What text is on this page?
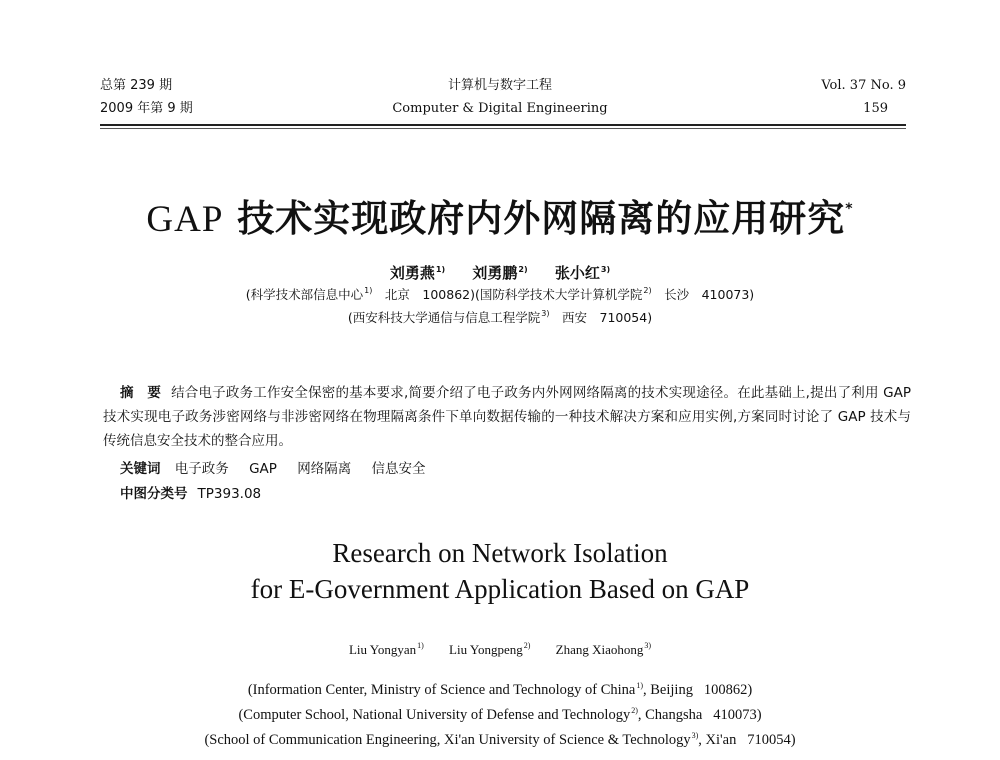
总第 239 期
2009 年第 9 期
计算机与数字工程
Computer & Digital Engineering
Vol. 37 No. 9
159
GAP 技术实现政府内外网隔离的应用研究*
刘勇燕$^{1)}$ 刘勇鹏$^{2)}$ 张小红$^{3)}$
(科学技术部信息中心$^{1)}$　北京　100862)(国防科学技术大学计算机学院$^{2)}$　长沙　410073)
(西安科技大学通信与信息工程学院$^{3)}$　西安　710054)
摘　要 结合电子政务工作安全保密的基本要求,简要介绍了电子政务内外网网络隔离的技术实现途径。在此基础上,提出了利用 GAP 技术实现电子政务涉密网络与非涉密网络在物理隔离条件下单向数据传输的一种技术解决方案和应用实例,方案同时讨论了 GAP 技术与传统信息安全技术的整合应用。
关键词 电子政务 GAP 网络隔离 信息安全
中图分类号 TP393.08
Research on Network Isolation
for E-Government Application Based on GAP
Liu Yongyan$^{1)}$ Liu Yongpeng$^{2)}$ Zhang Xiaohong$^{3)}$
(Information Center, Ministry of Science and Technology of China$^{1)}$, Beijing   100862)
(Computer School, National University of Defense and Technology$^{2)}$, Changsha   410073)
(School of Communication Engineering, Xi'an University of Science & Technology$^{3)}$, Xi'an   710054)
